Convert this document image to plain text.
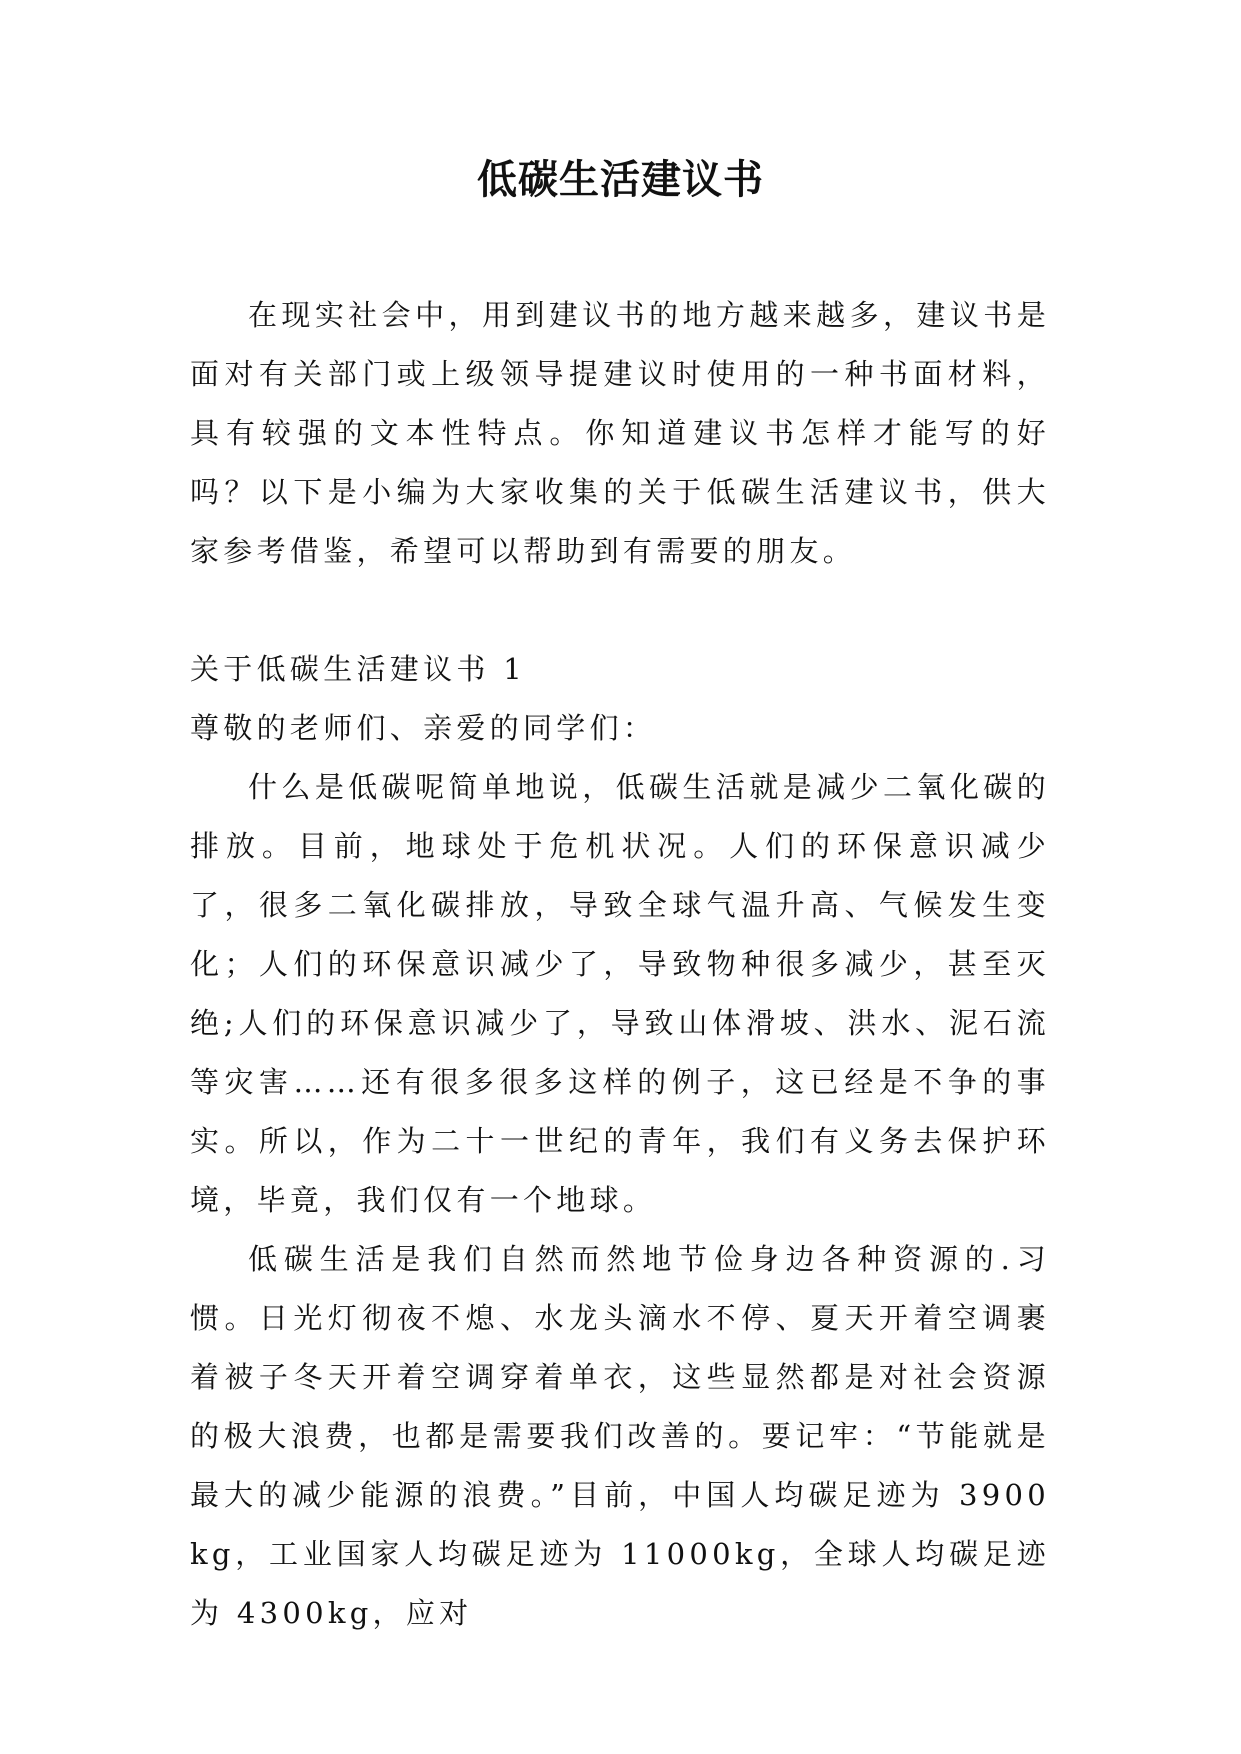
低碳生活建议书

在现实社会中，用到建议书的地方越来越多，建议书是面对有关部门或上级领导提建议时使用的一种书面材料，具有较强的文本性特点。你知道建议书怎样才能写的好吗？以下是小编为大家收集的关于低碳生活建议书，供大家参考借鉴，希望可以帮助到有需要的朋友。

关于低碳生活建议书 1

尊敬的老师们、亲爱的同学们：

什么是低碳呢简单地说，低碳生活就是减少二氧化碳的排放。目前，地球处于危机状况。人们的环保意识减少了，很多二氧化碳排放，导致全球气温升高、气候发生变化；人们的环保意识减少了，导致物种很多减少，甚至灭绝;人们的环保意识减少了，导致山体滑坡、洪水、泥石流等灾害……还有很多很多这样的例子，这已经是不争的事实。所以，作为二十一世纪的青年，我们有义务去保护环境，毕竟，我们仅有一个地球。

低碳生活是我们自然而然地节俭身边各种资源的.习惯。日光灯彻夜不熄、水龙头滴水不停、夏天开着空调裹着被子冬天开着空调穿着单衣，这些显然都是对社会资源的极大浪费，也都是需要我们改善的。要记牢：“节能就是最大的减少能源的浪费。”目前，中国人均碳足迹为 3900kg，工业国家人均碳足迹为 11000kg，全球人均碳足迹为 4300kg，应对
